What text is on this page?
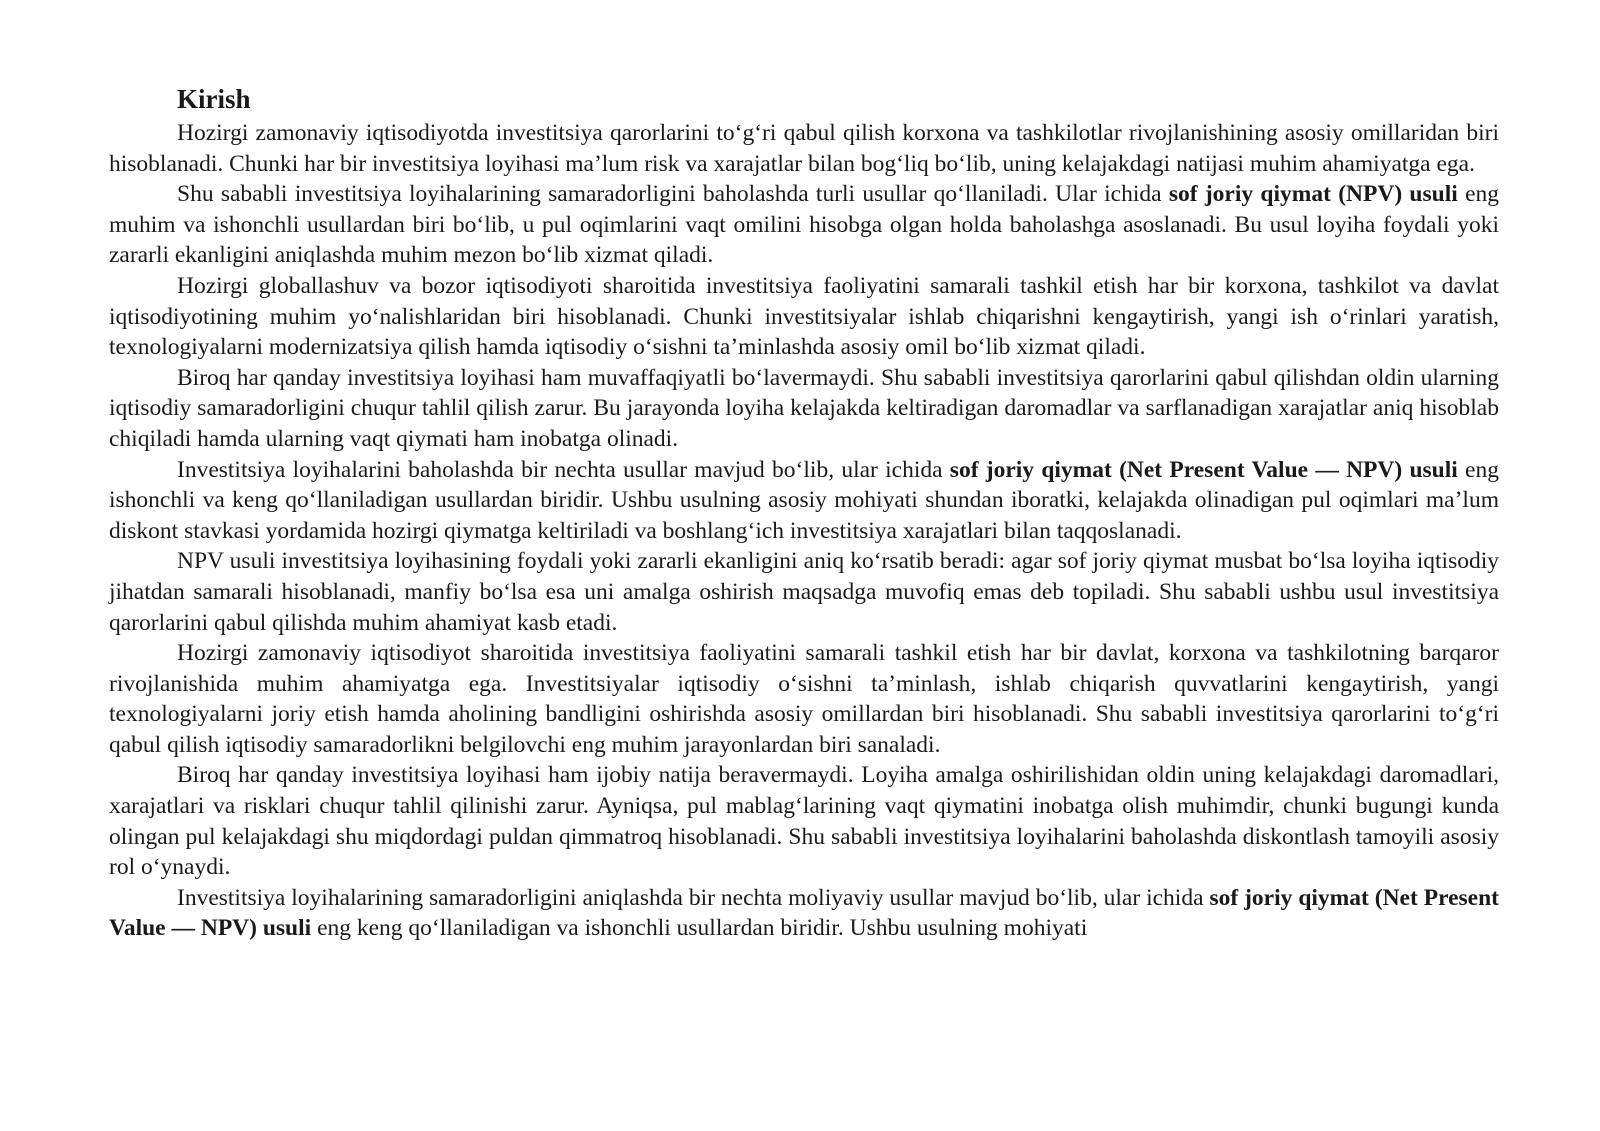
Kirish

Hozirgi zamonaviy iqtisodiyotda investitsiya qarorlarini to‘g‘ri qabul qilish korxona va tashkilotlar rivojlanishining asosiy omillaridan biri hisoblanadi. Chunki har bir investitsiya loyihasi ma’lum risk va xarajatlar bilan bog‘liq bo‘lib, uning kelajakdagi natijasi muhim ahamiyatga ega.

Shu sababli investitsiya loyihalarining samaradorligini baholashda turli usullar qo‘llaniladi. Ular ichida sof joriy qiymat (NPV) usuli eng muhim va ishonchli usullardan biri bo‘lib, u pul oqimlarini vaqt omilini hisobga olgan holda baholashga asoslanadi. Bu usul loyiha foydali yoki zararli ekanligini aniqlashda muhim mezon bo‘lib xizmat qiladi.

Hozirgi globallashuv va bozor iqtisodiyoti sharoitida investitsiya faoliyatini samarali tashkil etish har bir korxona, tashkilot va davlat iqtisodiyotining muhim yo‘nalishlaridan biri hisoblanadi. Chunki investitsiyalar ishlab chiqarishni kengaytirish, yangi ish o‘rinlari yaratish, texnologiyalarni modernizatsiya qilish hamda iqtisodiy o‘sishni ta’minlashda asosiy omil bo‘lib xizmat qiladi.

Biroq har qanday investitsiya loyihasi ham muvaffaqiyatli bo‘lavermaydi. Shu sababli investitsiya qarorlarini qabul qilishdan oldin ularning iqtisodiy samaradorligini chuqur tahlil qilish zarur. Bu jarayonda loyiha kelajakda keltiradigan daromadlar va sarflanadigan xarajatlar aniq hisoblab chiqiladi hamda ularning vaqt qiymati ham inobatga olinadi.

Investitsiya loyihalarini baholashda bir nechta usullar mavjud bo‘lib, ular ichida sof joriy qiymat (Net Present Value — NPV) usuli eng ishonchli va keng qo‘llaniladigan usullardan biridir. Ushbu usulning asosiy mohiyati shundan iboratki, kelajakda olinadigan pul oqimlari ma’lum diskont stavkasi yordamida hozirgi qiymatga keltiriladi va boshlang‘ich investitsiya xarajatlari bilan taqqoslanadi.

NPV usuli investitsiya loyihasining foydali yoki zararli ekanligini aniq ko‘rsatib beradi: agar sof joriy qiymat musbat bo‘lsa loyiha iqtisodiy jihatdan samarali hisoblanadi, manfiy bo‘lsa esa uni amalga oshirish maqsadga muvofiq emas deb topiladi. Shu sababli ushbu usul investitsiya qarorlarini qabul qilishda muhim ahamiyat kasb etadi.

Hozirgi zamonaviy iqtisodiyot sharoitida investitsiya faoliyatini samarali tashkil etish har bir davlat, korxona va tashkilotning barqaror rivojlanishida muhim ahamiyatga ega. Investitsiyalar iqtisodiy o‘sishni ta’minlash, ishlab chiqarish quvvatlarini kengaytirish, yangi texnologiyalarni joriy etish hamda aholining bandligini oshirishda asosiy omillardan biri hisoblanadi. Shu sababli investitsiya qarorlarini to‘g‘ri qabul qilish iqtisodiy samaradorlikni belgilovchi eng muhim jarayonlardan biri sanaladi.

Biroq har qanday investitsiya loyihasi ham ijobiy natija beravermaydi. Loyiha amalga oshirilishidan oldin uning kelajakdagi daromadlari, xarajatlari va risklari chuqur tahlil qilinishi zarur. Ayniqsa, pul mablag‘larining vaqt qiymatini inobatga olish muhimdir, chunki bugungi kunda olingan pul kelajakdagi shu miqdordagi puldan qimmatroq hisoblanadi. Shu sababli investitsiya loyihalarini baholashda diskontlash tamoyili asosiy rol o‘ynaydi.

Investitsiya loyihalarining samaradorligini aniqlashda bir nechta moliyaviy usullar mavjud bo‘lib, ular ichida sof joriy qiymat (Net Present Value — NPV) usuli eng keng qo‘llaniladigan va ishonchli usullardan biridir. Ushbu usulning mohiyati
